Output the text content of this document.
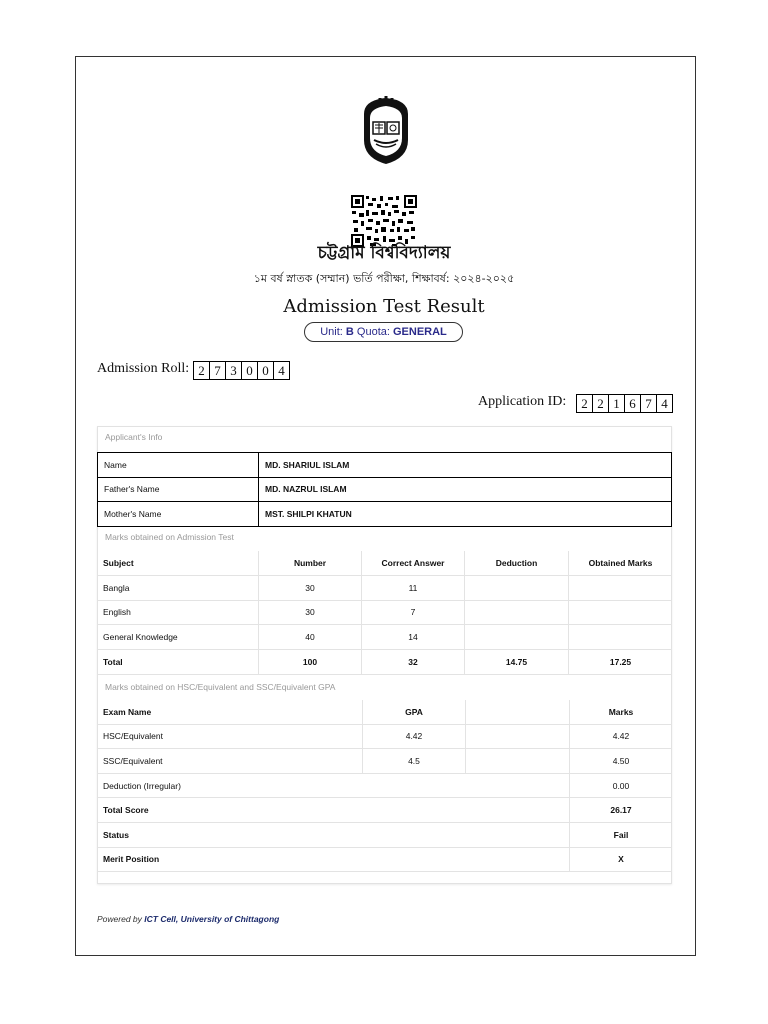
চট্টগ্রাম বিশ্ববিদ্যালয়
১ম বর্ষ স্নাতক (সম্মান) ভর্তি পরীক্ষা, শিক্ষাবর্ষ: ২০২৪-২০২৫
Admission Test Result
Unit: B Quota: GENERAL
Admission Roll: 2 7 3 0 0 4
Application ID:	2 2 1 6 7 4
Applicant's Info
Name	MD. SHARIUL ISLAM
Father's Name	MD. NAZRUL ISLAM
Mother's Name	MST. SHILPI KHATUN
Marks obtained on Admission Test
Subject	Number	Correct Answer	Deduction	Obtained Marks
Bangla	30	11		
English	30	7		
General Knowledge	40	14		
Total	100	32	14.75	17.25
Marks obtained on HSC/Equivalent and SSC/Equivalent GPA
Exam Name	GPA		Marks
HSC/Equivalent	4.42		4.42
SSC/Equivalent	4.5		4.50
Deduction (Irregular)			0.00
Total Score			26.17
Status			Fail
Merit Position			X
Powered by ICT Cell, University of Chittagong
